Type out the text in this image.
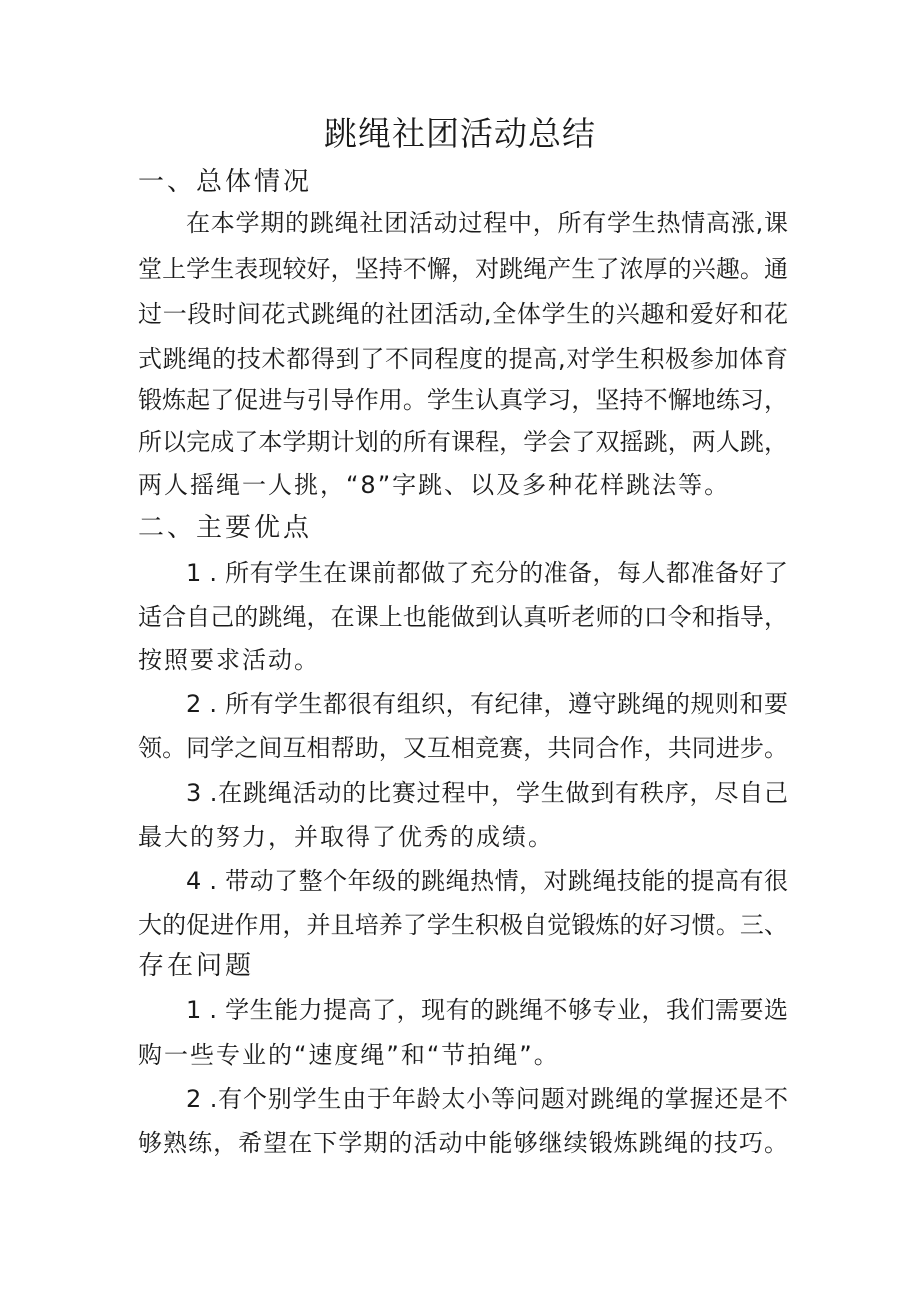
跳绳社团活动总结
一、总体情况
在本学期的跳绳社团活动过程中，所有学生热情高涨,课
堂上学生表现较好，坚持不懈，对跳绳产生了浓厚的兴趣。通
过一段时间花式跳绳的社团活动,全体学生的兴趣和爱好和花
式跳绳的技术都得到了不同程度的提高,对学生积极参加体育
锻炼起了促进与引导作用。学生认真学习，坚持不懈地练习，
所以完成了本学期计划的所有课程，学会了双摇跳，两人跳，
两人摇绳一人挑，“8”字跳、以及多种花样跳法等。
二、主要优点
1 . 所有学生在课前都做了充分的准备，每人都准备好了
适合自己的跳绳，在课上也能做到认真听老师的口令和指导，
按照要求活动。
2 . 所有学生都很有组织，有纪律，遵守跳绳的规则和要
领。同学之间互相帮助，又互相竞赛，共同合作，共同进步。
3 .在跳绳活动的比赛过程中，学生做到有秩序，尽自己
最大的努力，并取得了优秀的成绩。
4 . 带动了整个年级的跳绳热情，对跳绳技能的提高有很
大的促进作用，并且培养了学生积极自觉锻炼的好习惯。三、
存在问题
1 . 学生能力提高了，现有的跳绳不够专业，我们需要选
购一些专业的“速度绳”和“节拍绳”。
2 .有个别学生由于年龄太小等问题对跳绳的掌握还是不
够熟练，希望在下学期的活动中能够继续锻炼跳绳的技巧。
